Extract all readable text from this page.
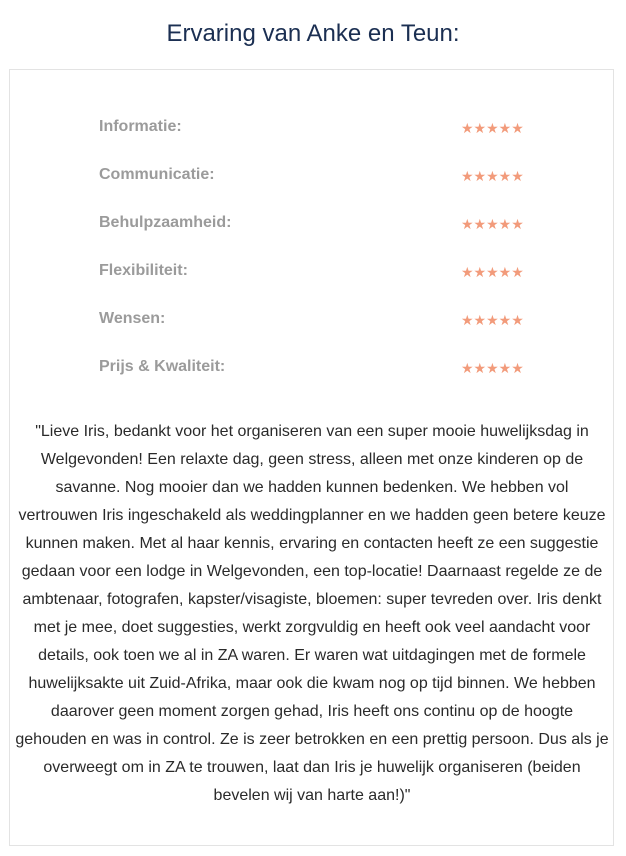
Ervaring van Anke en Teun:
Informatie:	★★★★★
Communicatie:	★★★★★
Behulpzaamheid:	★★★★★
Flexibiliteit:	★★★★★
Wensen:	★★★★★
Prijs & Kwaliteit:	★★★★★

"Lieve Iris, bedankt voor het organiseren van een super mooie huwelijksdag in Welgevonden! Een relaxte dag, geen stress, alleen met onze kinderen op de savanne. Nog mooier dan we hadden kunnen bedenken. We hebben vol vertrouwen Iris ingeschakeld als weddingplanner en we hadden geen betere keuze kunnen maken. Met al haar kennis, ervaring en contacten heeft ze een suggestie gedaan voor een lodge in Welgevonden, een top-locatie! Daarnaast regelde ze de ambtenaar, fotografen, kapster/visagiste, bloemen: super tevreden over. Iris denkt met je mee, doet suggesties, werkt zorgvuldig en heeft ook veel aandacht voor details, ook toen we al in ZA waren. Er waren wat uitdagingen met de formele huwelijksakte uit Zuid-Afrika, maar ook die kwam nog op tijd binnen. We hebben daarover geen moment zorgen gehad, Iris heeft ons continu op de hoogte gehouden en was in control. Ze is zeer betrokken en een prettig persoon. Dus als je overweegt om in ZA te trouwen, laat dan Iris je huwelijk organiseren (beiden bevelen wij van harte aan!)"
